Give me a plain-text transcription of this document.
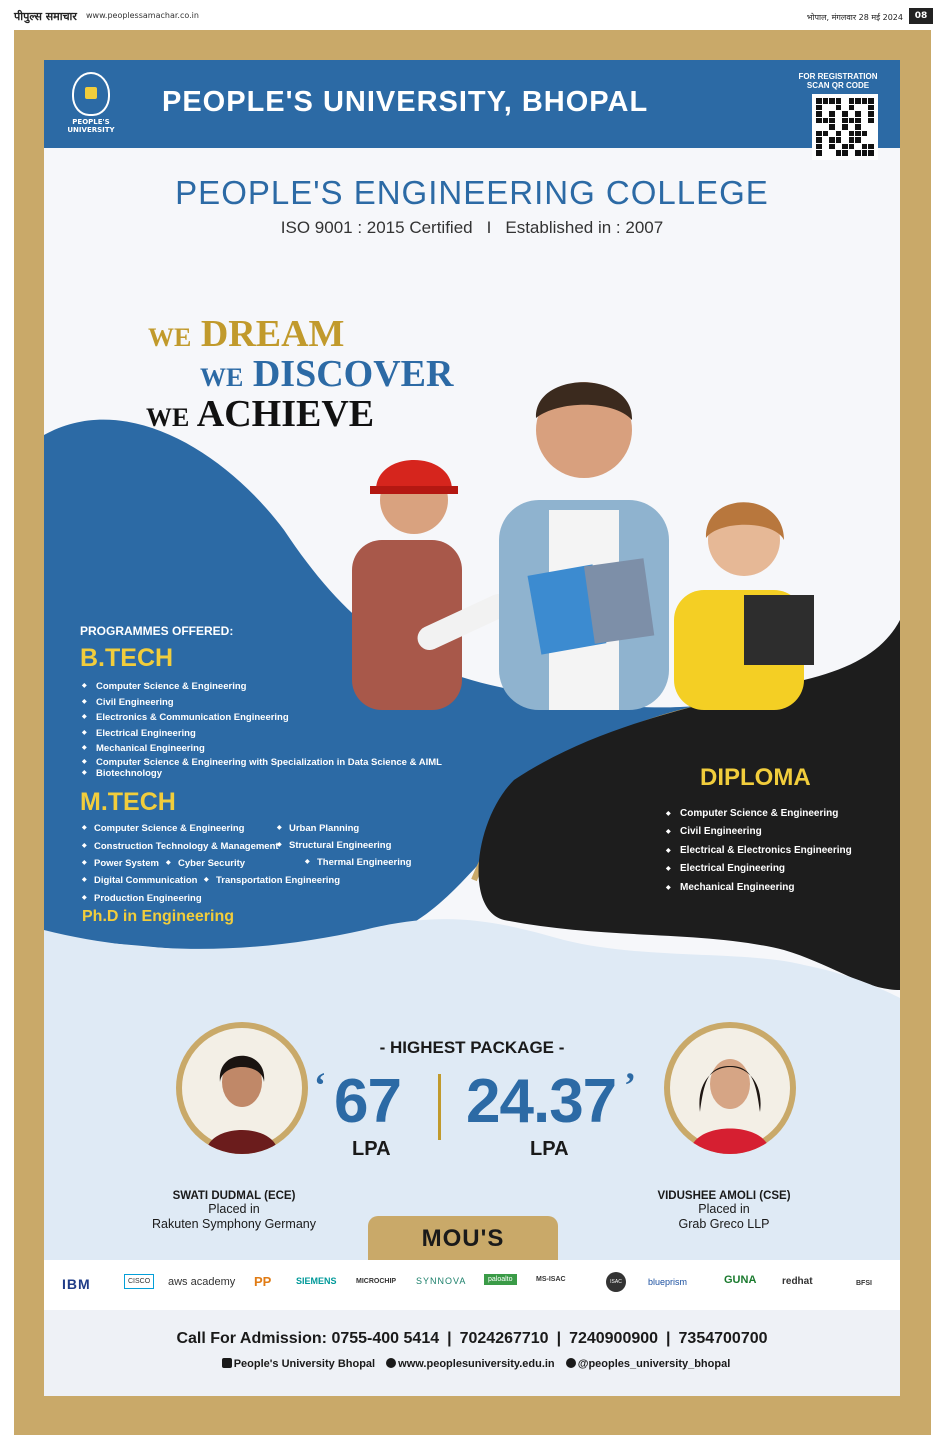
पीपुल्स समाचार www.peoplessamachar.co.in	भोपाल, मंगलवार 28 मई 2024	08
PEOPLE'S UNIVERSITY
PEOPLE'S UNIVERSITY, BHOPAL
FOR REGISTRATION
SCAN QR CODE
PEOPLE'S ENGINEERING COLLEGE
ISO 9001 : 2015 Certified I Established in : 2007
WE DREAM
WE DISCOVER
WE ACHIEVE
PROGRAMMES OFFERED:
B.TECH
◆ Computer Science & Engineering
◆ Civil Engineering
◆ Electronics & Communication Engineering
◆ Electrical Engineering
◆ Mechanical Engineering
◆ Computer Science & Engineering with Specialization in Data Science & AIML
◆ Biotechnology
M.TECH
◆ Computer Science & Engineering	◆ Urban Planning
◆ Construction Technology & Management	◆ Structural Engineering
◆ Power System	◆ Cyber Security	◆ Thermal Engineering
◆ Digital Communication	◆ Transportation Engineering
◆ Production Engineering
Ph.D in Engineering
DIPLOMA
◆ Computer Science & Engineering
◆ Civil Engineering
◆ Electrical & Electronics Engineering
◆ Electrical Engineering
◆ Mechanical Engineering
- HIGHEST PACKAGE -
‘ 67 24.37 ’
LPA	LPA
SWATI DUDMAL (ECE)
Placed in
Rakuten Symphony Germany
VIDUSHEE AMOLI (CSE)
Placed in
Grab Greco LLP
MOU'S
IBM	CISCO	aws academy PP	SIEMENS	MICROCHIP SYNNOVA	paloalto	MS-ISAC	ISAC	blueprism	GUNA	redhat	BFSI
Call For Admission: 0755-400 5414 | 7024267710 | 7240900900 | 7354700700
People's University Bhopal www.peoplesuniversity.edu.in @peoples_university_bhopal
